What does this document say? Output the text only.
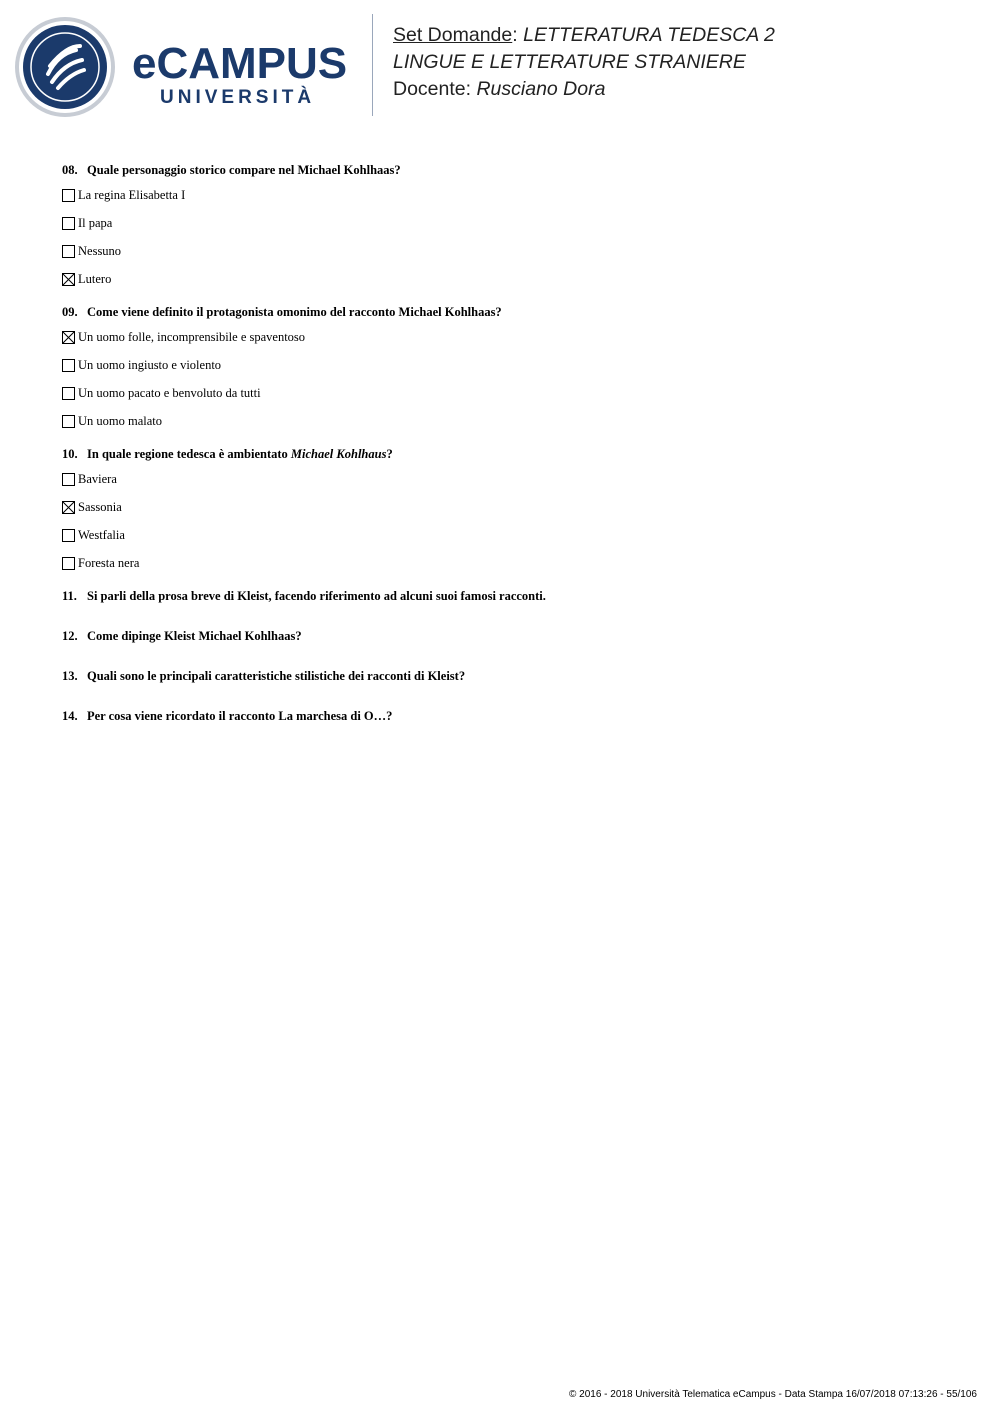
eCAMPUS
UNIVERSITÀ
Set Domande: LETTERATURA TEDESCA 2
LINGUE E LETTERATURE STRANIERE
Docente: Rusciano Dora

08. Quale personaggio storico compare nel Michael Kohlhaas?

La regina Elisabetta I
Il papa
Nessuno
Lutero

09. Come viene definito il protagonista omonimo del racconto Michael Kohlhaas?

Un uomo folle, incomprensibile e spaventoso
Un uomo ingiusto e violento
Un uomo pacato e benvoluto da tutti
Un uomo malato

10. In quale regione tedesca è ambientato Michael Kohlhaus?

Baviera
Sassonia
Westfalia
Foresta nera

11. Si parli della prosa breve di Kleist, facendo riferimento ad alcuni suoi famosi racconti.

12. Come dipinge Kleist Michael Kohlhaas?

13. Quali sono le principali caratteristiche stilistiche dei racconti di Kleist?

14. Per cosa viene ricordato il racconto La marchesa di O…?

© 2016 - 2018 Università Telematica eCampus - Data Stampa 16/07/2018 07:13:26 - 55/106
